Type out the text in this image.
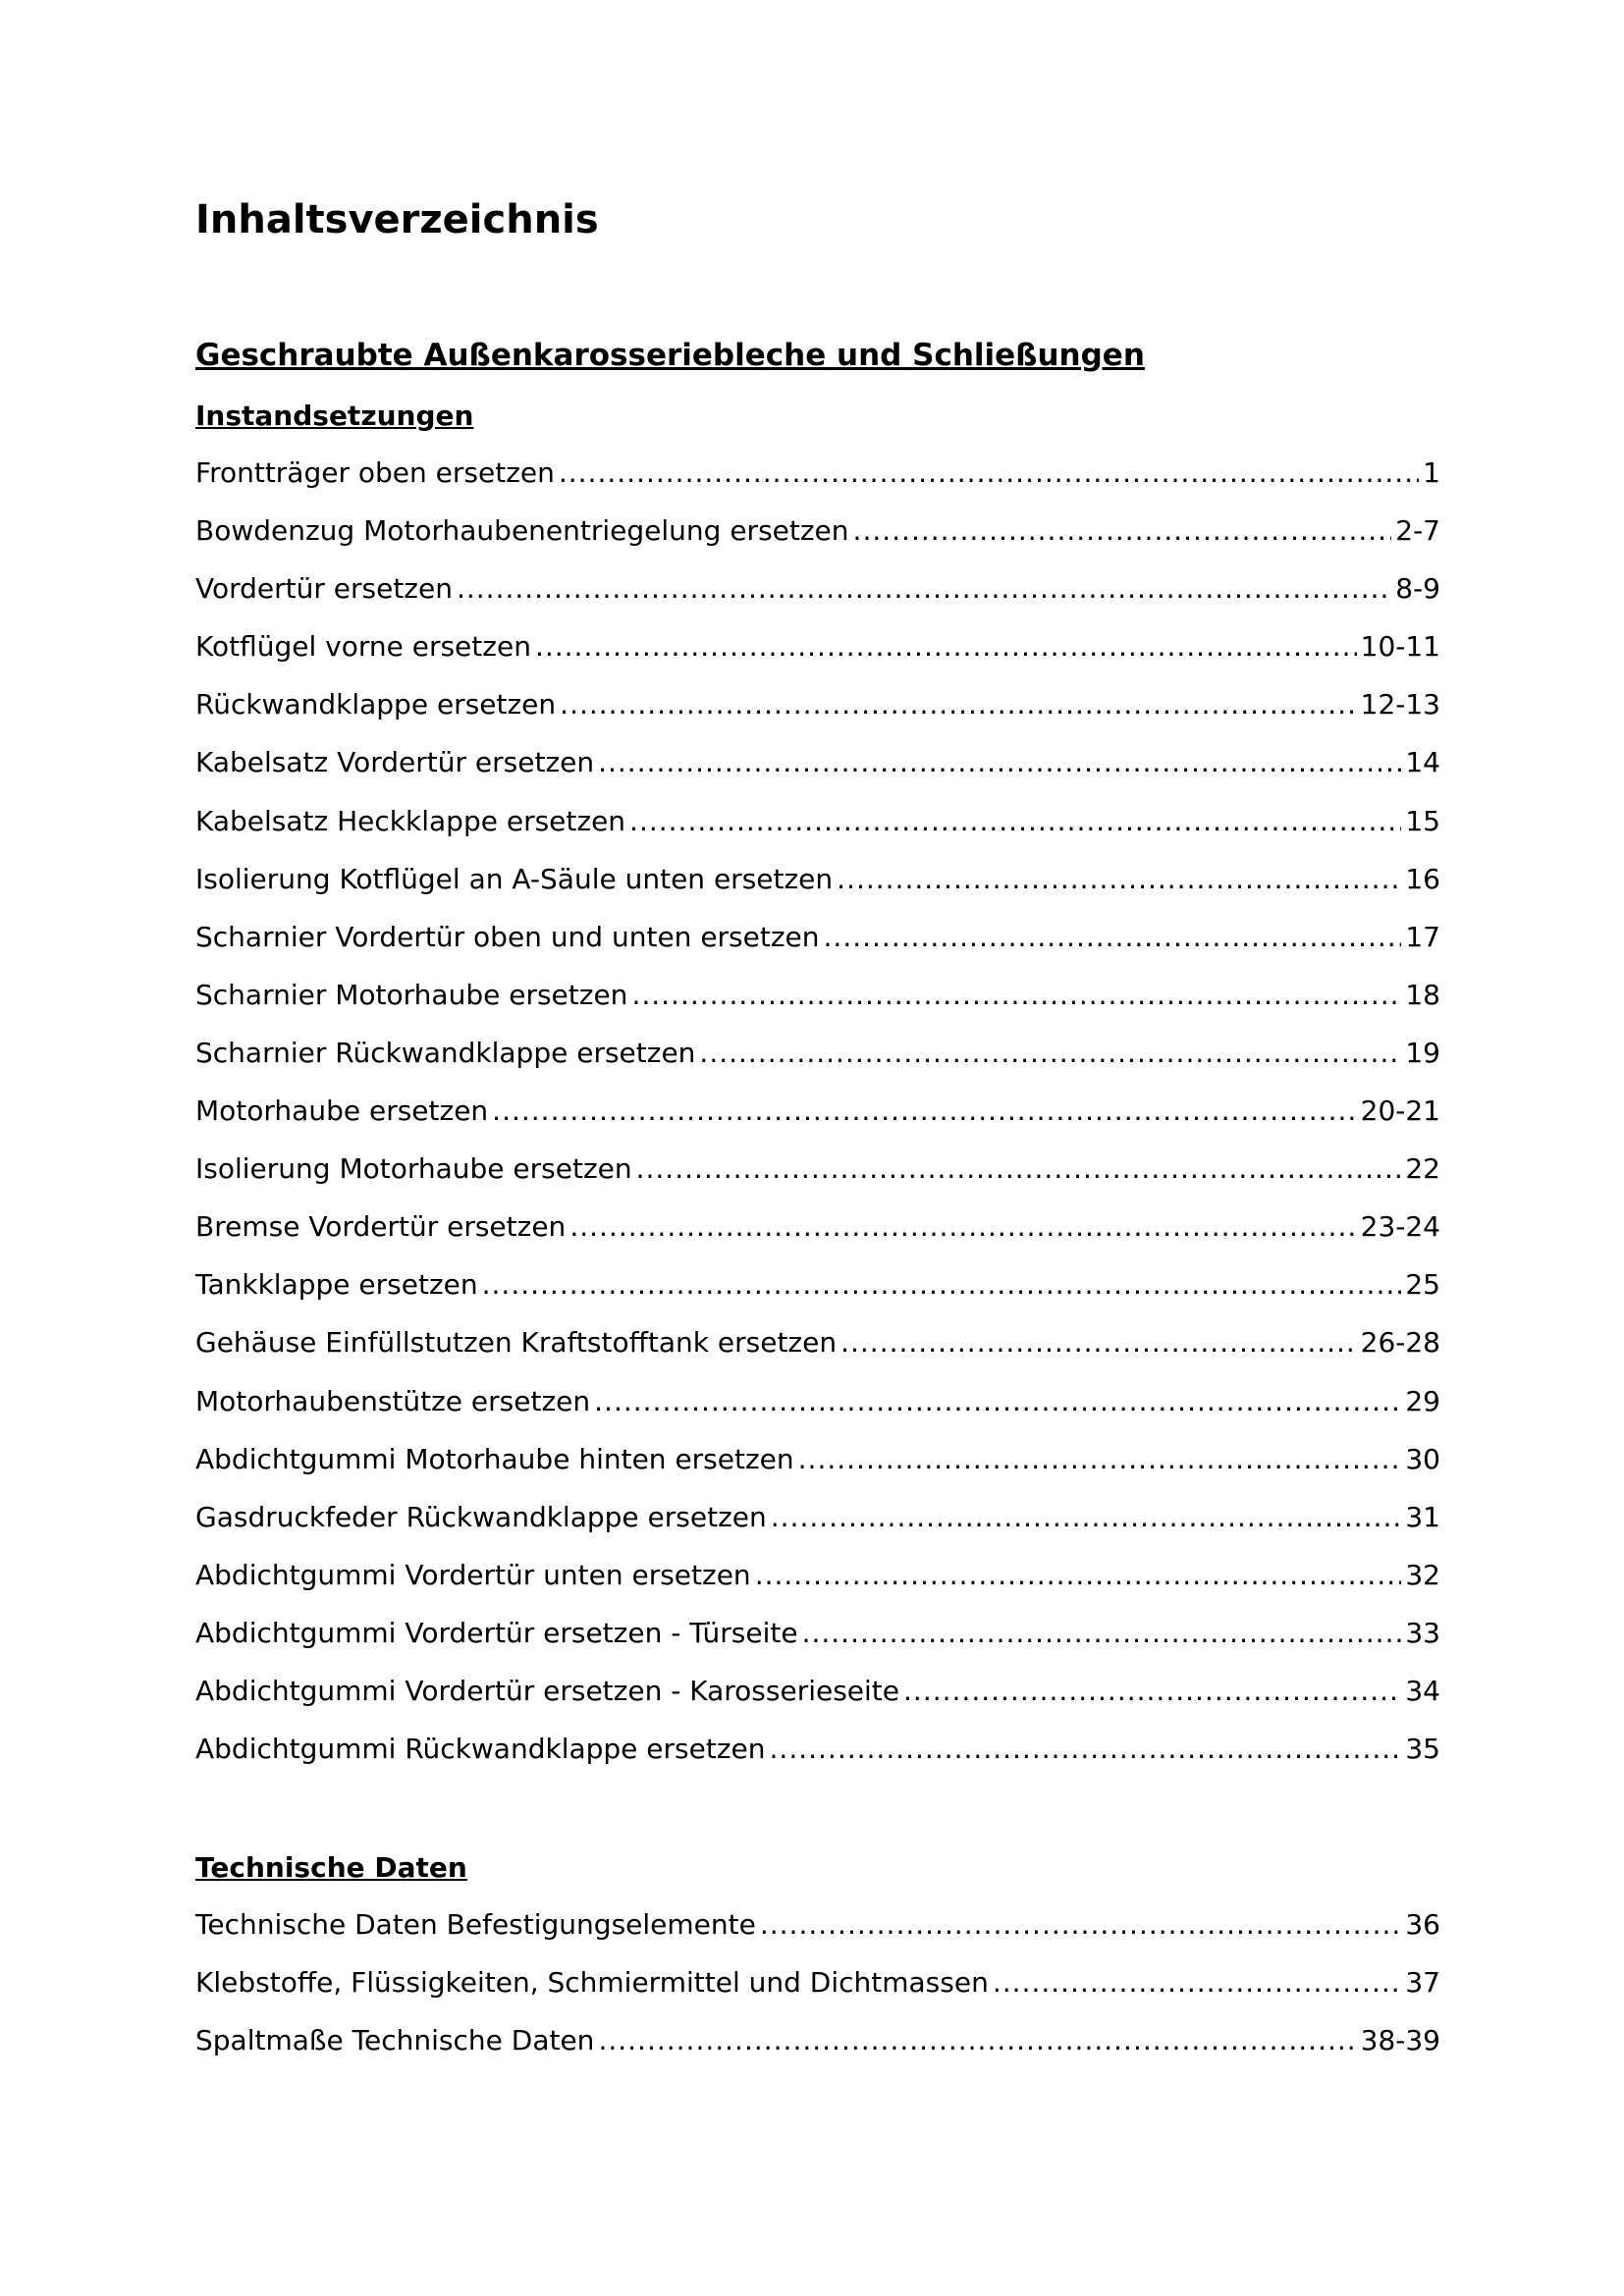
Inhaltsverzeichnis
Geschraubte Außenkarosseriebleche und Schließungen
Instandsetzungen
Frontträger oben ersetzen .....	1
Bowdenzug Motorhaubenentriegelung ersetzen .....	2-7
Vordertür ersetzen .....	8-9
Kotflügel vorne ersetzen .....	10-11
Rückwandklappe ersetzen .....	12-13
Kabelsatz Vordertür ersetzen .....	14
Kabelsatz Heckklappe ersetzen .....	15
Isolierung Kotflügel an A-Säule unten ersetzen .....	16
Scharnier Vordertür oben und unten ersetzen .....	17
Scharnier Motorhaube ersetzen .....	18
Scharnier Rückwandklappe ersetzen .....	19
Motorhaube ersetzen .....	20-21
Isolierung Motorhaube ersetzen .....	22
Bremse Vordertür ersetzen .....	23-24
Tankklappe ersetzen .....	25
Gehäuse Einfüllstutzen Kraftstofftank ersetzen .....	26-28
Motorhaubenstütze ersetzen .....	29
Abdichtgummi Motorhaube hinten ersetzen .....	30
Gasdruckfeder Rückwandklappe ersetzen .....	31
Abdichtgummi Vordertür unten ersetzen .....	32
Abdichtgummi Vordertür ersetzen - Türseite .....	33
Abdichtgummi Vordertür ersetzen - Karosserieseite .....	34
Abdichtgummi Rückwandklappe ersetzen .....	35
Technische Daten
Technische Daten Befestigungselemente .....	36
Klebstoffe, Flüssigkeiten, Schmiermittel und Dichtmassen .....	37
Spaltmaße Technische Daten .....	38-39
